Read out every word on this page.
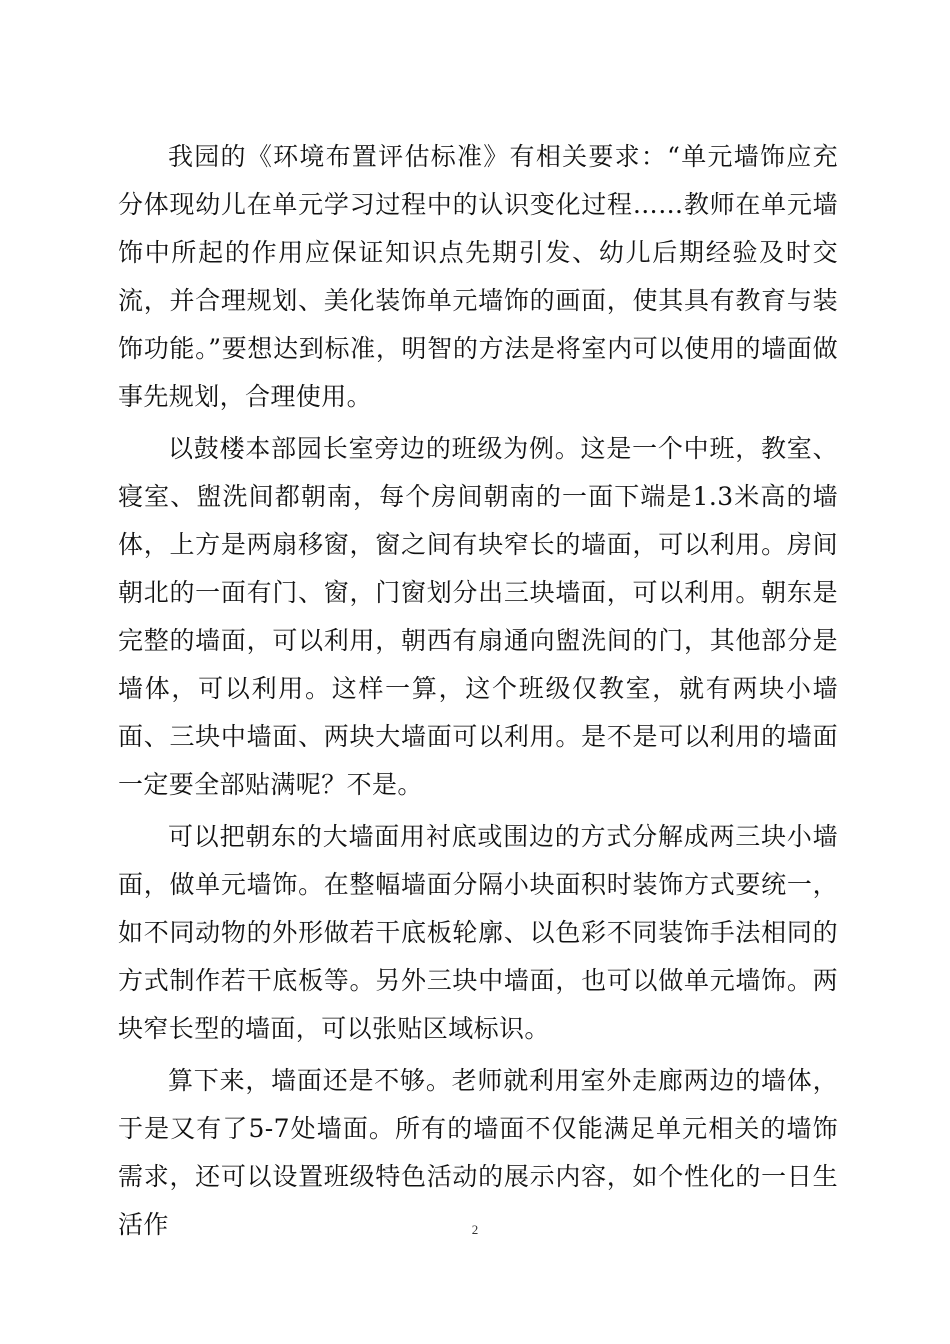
我园的《环境布置评估标准》有相关要求：“单元墙饰应充分体现幼儿在单元学习过程中的认识变化过程……教师在单元墙饰中所起的作用应保证知识点先期引发、幼儿后期经验及时交流，并合理规划、美化装饰单元墙饰的画面，使其具有教育与装饰功能。”要想达到标准，明智的方法是将室内可以使用的墙面做事先规划，合理使用。

以鼓楼本部园长室旁边的班级为例。这是一个中班，教室、寝室、盥洗间都朝南，每个房间朝南的一面下端是1.3米高的墙体，上方是两扇移窗，窗之间有块窄长的墙面，可以利用。房间朝北的一面有门、窗，门窗划分出三块墙面，可以利用。朝东是完整的墙面，可以利用，朝西有扇通向盥洗间的门，其他部分是墙体，可以利用。这样一算，这个班级仅教室，就有两块小墙面、三块中墙面、两块大墙面可以利用。是不是可以利用的墙面一定要全部贴满呢？不是。

可以把朝东的大墙面用衬底或围边的方式分解成两三块小墙面，做单元墙饰。在整幅墙面分隔小块面积时装饰方式要统一，如不同动物的外形做若干底板轮廓、以色彩不同装饰手法相同的方式制作若干底板等。另外三块中墙面，也可以做单元墙饰。两块窄长型的墙面，可以张贴区域标识。

算下来，墙面还是不够。老师就利用室外走廊两边的墙体，于是又有了5-7处墙面。所有的墙面不仅能满足单元相关的墙饰需求，还可以设置班级特色活动的展示内容，如个性化的一日生活作	2
